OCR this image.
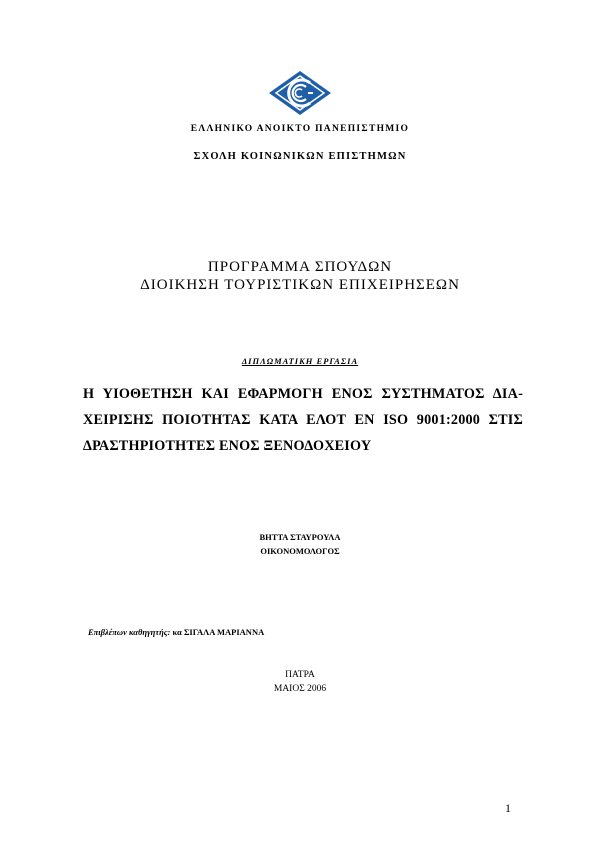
ΕΛΛΗΝΙΚΟ ΑΝΟΙΚΤΟ ΠΑΝΕΠΙΣΤΗΜΙΟ
ΣΧΟΛΗ ΚΟΙΝΩΝΙΚΩΝ ΕΠΙΣΤΗΜΩΝ
ΠΡΟΓΡΑΜΜΑ ΣΠΟΥΔΩΝ
ΔΙΟΙΚΗΣΗ ΤΟΥΡΙΣΤΙΚΩΝ ΕΠΙΧΕΙΡΗΣΕΩΝ
ΔΙΠΛΩΜΑΤΙΚΗ ΕΡΓΑΣΙΑ
Η ΥΙΟΘΕΤΗΣΗ ΚΑΙ ΕΦΑΡΜΟΓΗ ΕΝΟΣ ΣΥΣΤΗΜΑΤΟΣ ΔΙΑ-ΧΕΙΡΙΣΗΣ ΠΟΙΟΤΗΤΑΣ ΚΑΤΑ ΕΛΟΤ ΕΝ ISO 9001:2000 ΣΤΙΣ ΔΡΑΣΤΗΡΙΟΤΗΤΕΣ ΕΝΟΣ ΞΕΝΟΔΟΧΕΙΟΥ
ΒΗΤΤΑ ΣΤΑΥΡΟΥΛΑ
ΟΙΚΟΝΟΜΟΛΟΓΟΣ
Επιβλέπων καθηγητής: κα ΣΙΓΑΛΑ ΜΑΡΙΑΝΝΑ
ΠΑΤΡΑ
ΜΑΙΟΣ 2006
1
